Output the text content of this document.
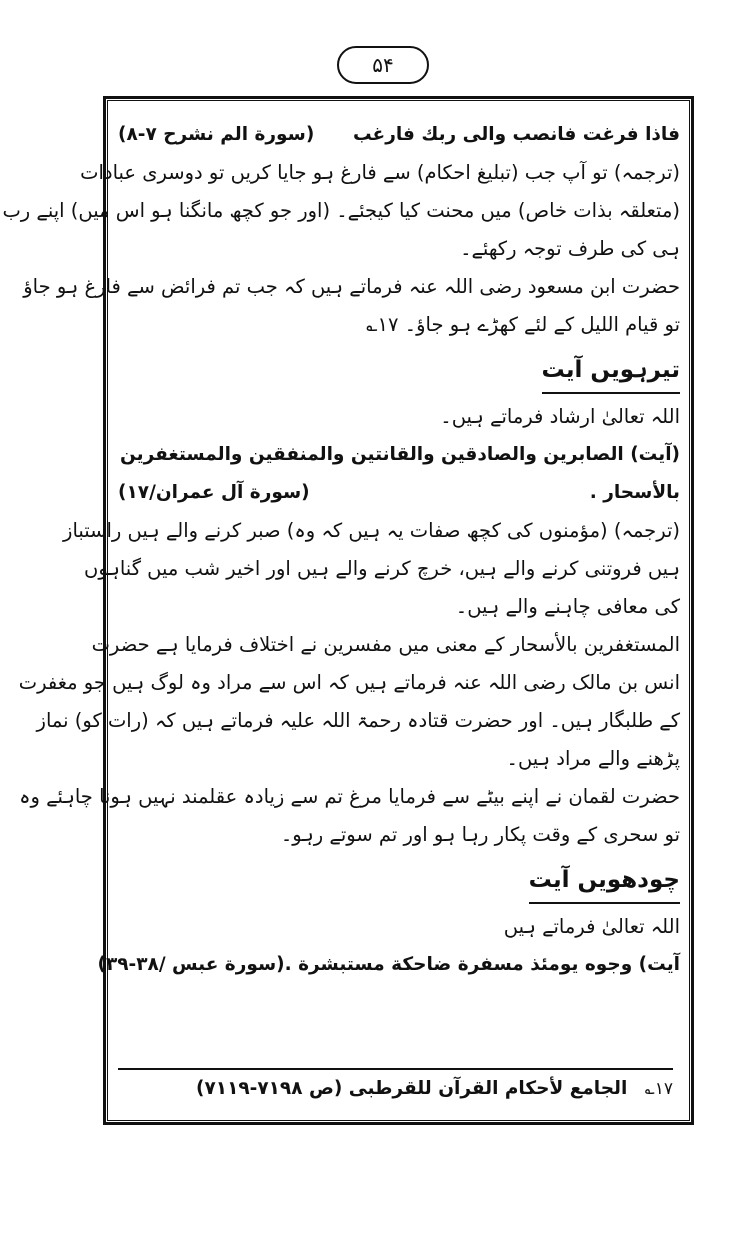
۵۴
فاذا فرغت فانصب والى ربك فارغب
(سورة الم نشرح ۷-۸)
(ترجمہ) تو آپ جب (تبلیغ احکام) سے فارغ ہو جایا کریں تو دوسری عبادات
(متعلقہ بذات خاص) میں محنت کیا کیجئے۔ (اور جو کچھ مانگنا ہو اس میں) اپنے رب
ہی کی طرف توجہ رکھئے۔
حضرت ابن مسعود رضی اللہ عنہ فرماتے ہیں کہ جب تم فرائض سے فارغ ہو جاؤ
تو قیام اللیل کے لئے کھڑے ہو جاؤ۔ ۱۷؎
تیرہویں آیت
اللہ تعالیٰ ارشاد فرماتے ہیں۔
(آیت) الصابرين والصادقين والقانتين والمنفقين والمستغفرين
بالأسحار .
(سورة آل عمران/۱۷)
(ترجمہ) (مؤمنوں کی کچھ صفات یہ ہیں کہ وہ) صبر کرنے والے ہیں راستباز
ہیں فروتنی کرنے والے ہیں، خرچ کرنے والے ہیں اور اخیر شب میں گناہوں
کی معافی چاہنے والے ہیں۔
المستغفرين بالأسحار کے معنی میں مفسرین نے اختلاف فرمایا ہے حضرت
انس بن مالک رضی اللہ عنہ فرماتے ہیں کہ اس سے مراد وہ لوگ ہیں جو مغفرت
کے طلبگار ہیں۔ اور حضرت قتادہ رحمۃ اللہ علیہ فرماتے ہیں کہ (رات کو) نماز
پڑھنے والے مراد ہیں۔
حضرت لقمان نے اپنے بیٹے سے فرمایا مرغ تم سے زیادہ عقلمند نہیں ہونا چاہئے وہ
تو سحری کے وقت پکار رہا ہو اور تم سوتے رہو۔
چودھویں آیت
اللہ تعالیٰ فرماتے ہیں
آیت) وجوه يومئذ مسفرة ضاحكة مستبشرة .(سورة عبس /۳۸-۳۹)
۱۷؎ الجامع لأحكام القرآن للقرطبى (ص ۷۱۹۸-۷۱۱۹)
